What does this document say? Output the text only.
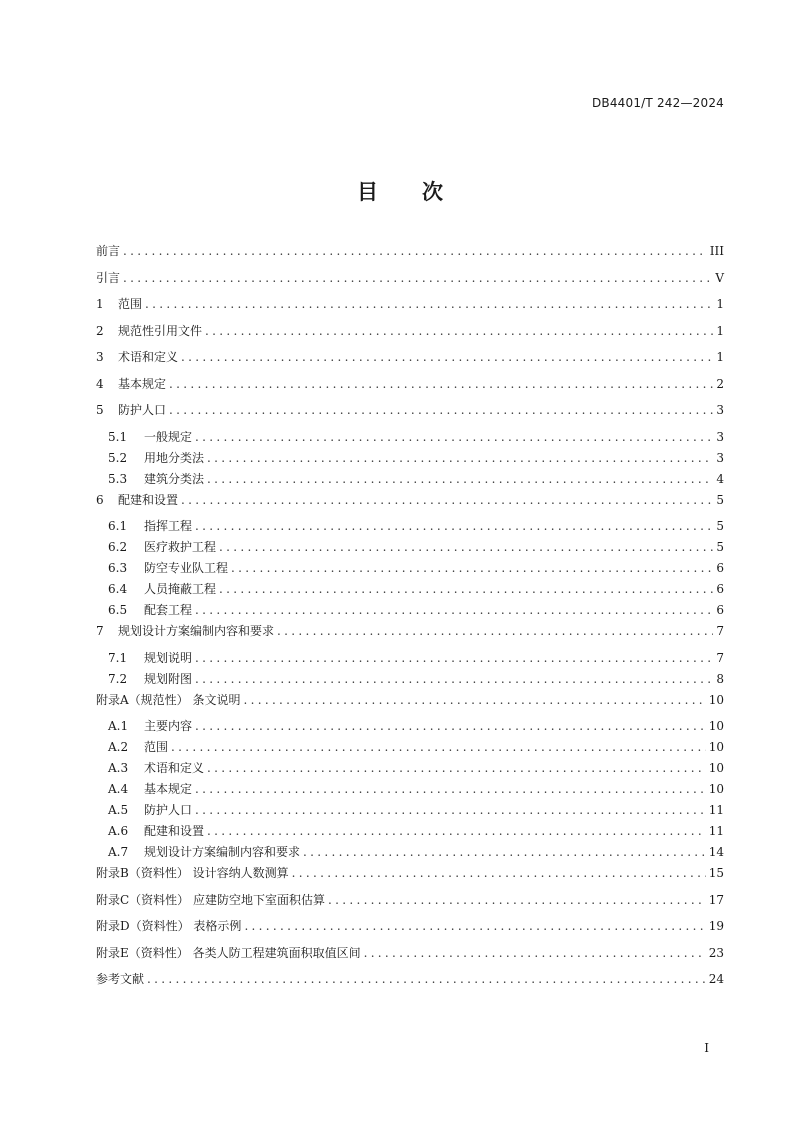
DB4401/T 242—2024
目次
前言 .....	III
引言 .....	V
1 范围 .....	1
2 规范性引用文件 .....	1
3 术语和定义 .....	1
4 基本规定 .....	2
5 防护人口 .....	3
5.1 一般规定 .....	3
5.2 用地分类法 .....	3
5.3 建筑分类法 .....	4
6 配建和设置 .....	5
6.1 指挥工程 .....	5
6.2 医疗救护工程 .....	5
6.3 防空专业队工程 .....	6
6.4 人员掩蔽工程 .....	6
6.5 配套工程 .....	6
7 规划设计方案编制内容和要求 .....	7
7.1 规划说明 .....	7
7.2 规划附图 .....	8
附录A（规范性） 条文说明 .....	10
A.1 主要内容 .....	10
A.2 范围 .....	10
A.3 术语和定义 .....	10
A.4 基本规定 .....	10
A.5 防护人口 .....	11
A.6 配建和设置 .....	11
A.7 规划设计方案编制内容和要求 .....	14
附录B（资料性） 设计容纳人数测算 .....	15
附录C（资料性） 应建防空地下室面积估算 .....	17
附录D（资料性） 表格示例 .....	19
附录E（资料性） 各类人防工程建筑面积取值区间 .....	23
参考文献 .....	24
I
